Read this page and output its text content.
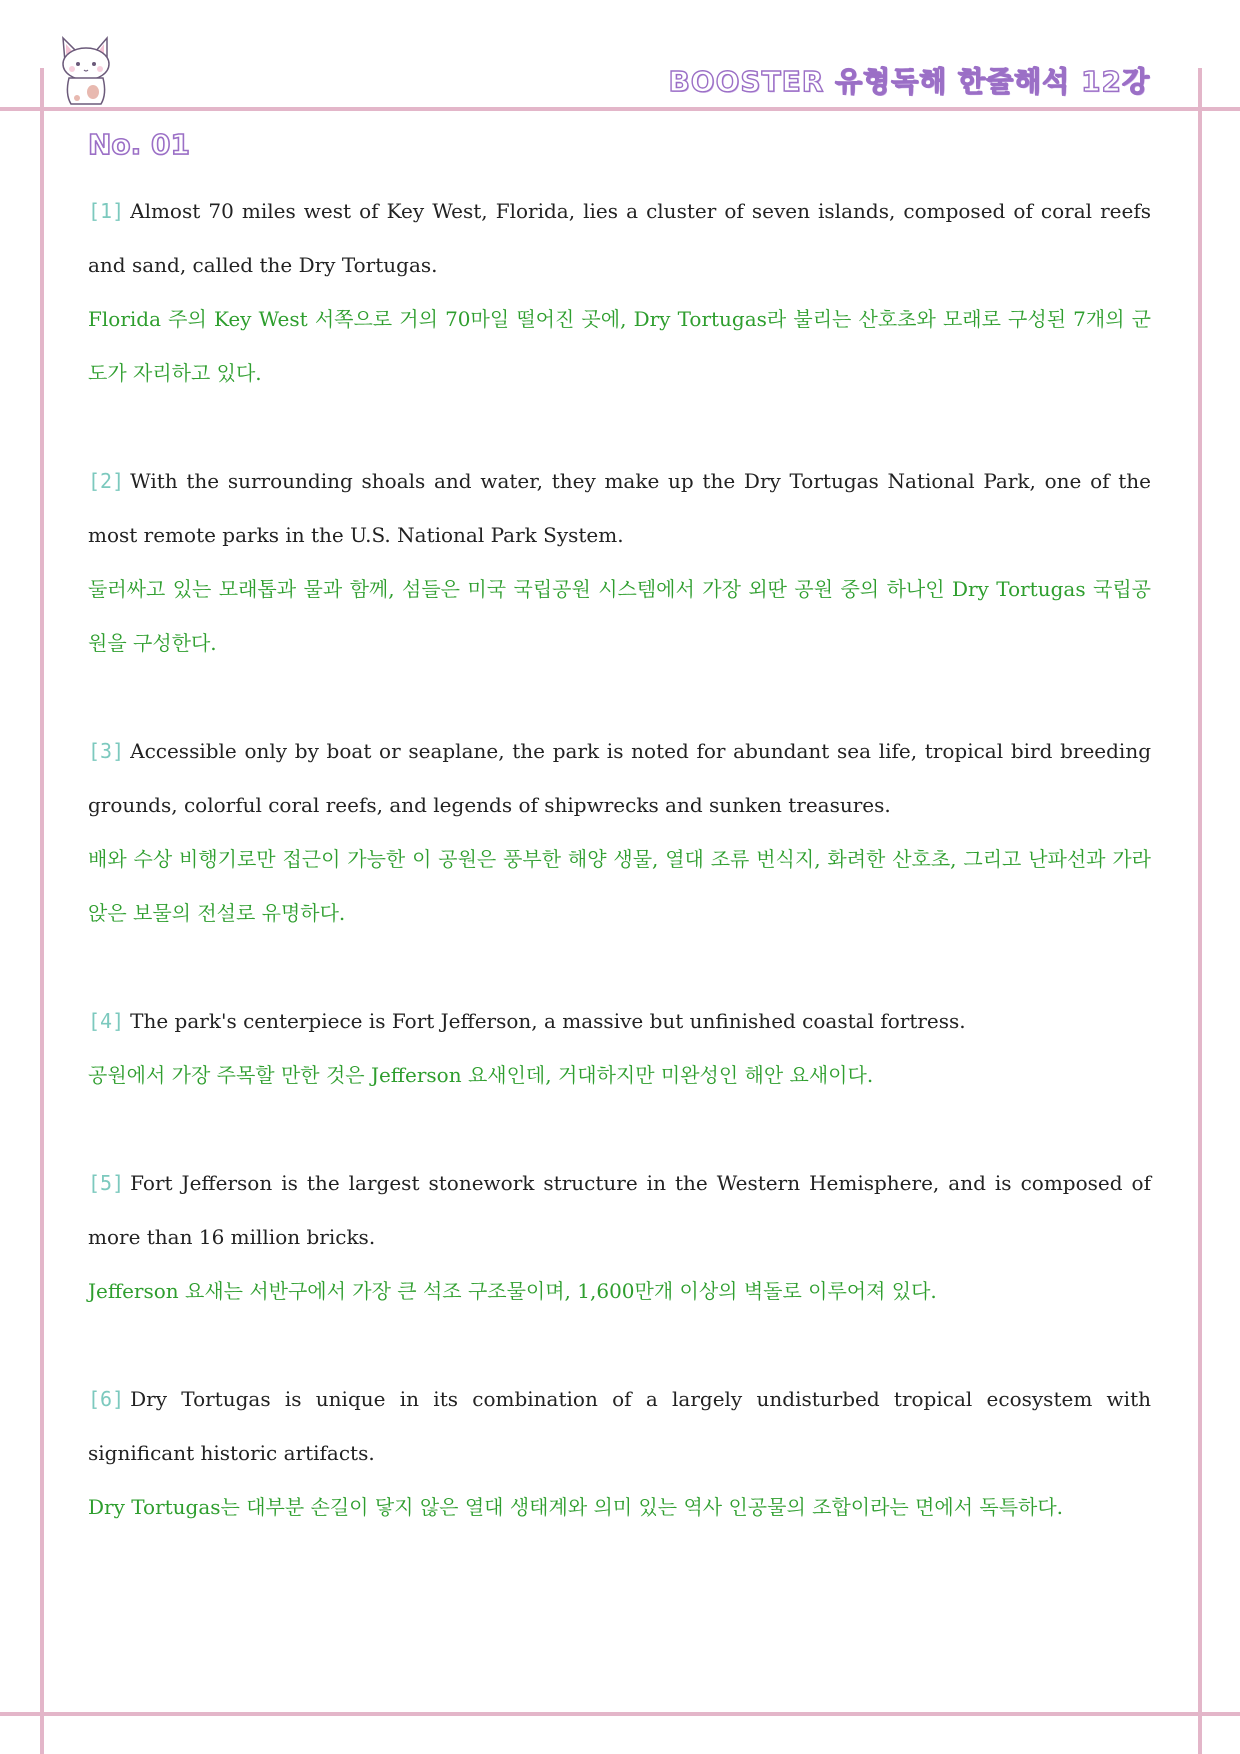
BOOSTER 유형독해 한줄해석 12강
No. 01

[1] Almost 70 miles west of Key West, Florida, lies a cluster of seven islands, composed of coral reefs and sand, called the Dry Tortugas.

Florida 주의 Key West 서쪽으로 거의 70마일 떨어진 곳에, Dry Tortugas라 불리는 산호초와 모래로 구성된 7개의 군도가 자리하고 있다.

[2] With the surrounding shoals and water, they make up the Dry Tortugas National Park, one of the most remote parks in the U.S. National Park System.

둘러싸고 있는 모래톱과 물과 함께, 섬들은 미국 국립공원 시스템에서 가장 외딴 공원 중의 하나인 Dry Tortugas 국립공원을 구성한다.

[3] Accessible only by boat or seaplane, the park is noted for abundant sea life, tropical bird breeding grounds, colorful coral reefs, and legends of shipwrecks and sunken treasures.

배와 수상 비행기로만 접근이 가능한 이 공원은 풍부한 해양 생물, 열대 조류 번식지, 화려한 산호초, 그리고 난파선과 가라앉은 보물의 전설로 유명하다.

[4] The park's centerpiece is Fort Jefferson, a massive but unfinished coastal fortress.

공원에서 가장 주목할 만한 것은 Jefferson 요새인데, 거대하지만 미완성인 해안 요새이다.

[5] Fort Jefferson is the largest stonework structure in the Western Hemisphere, and is composed of more than 16 million bricks.

Jefferson 요새는 서반구에서 가장 큰 석조 구조물이며, 1,600만개 이상의 벽돌로 이루어져 있다.

[6] Dry Tortugas is unique in its combination of a largely undisturbed tropical ecosystem with significant historic artifacts.

Dry Tortugas는 대부분 손길이 닿지 않은 열대 생태계와 의미 있는 역사 인공물의 조합이라는 면에서 독특하다.
